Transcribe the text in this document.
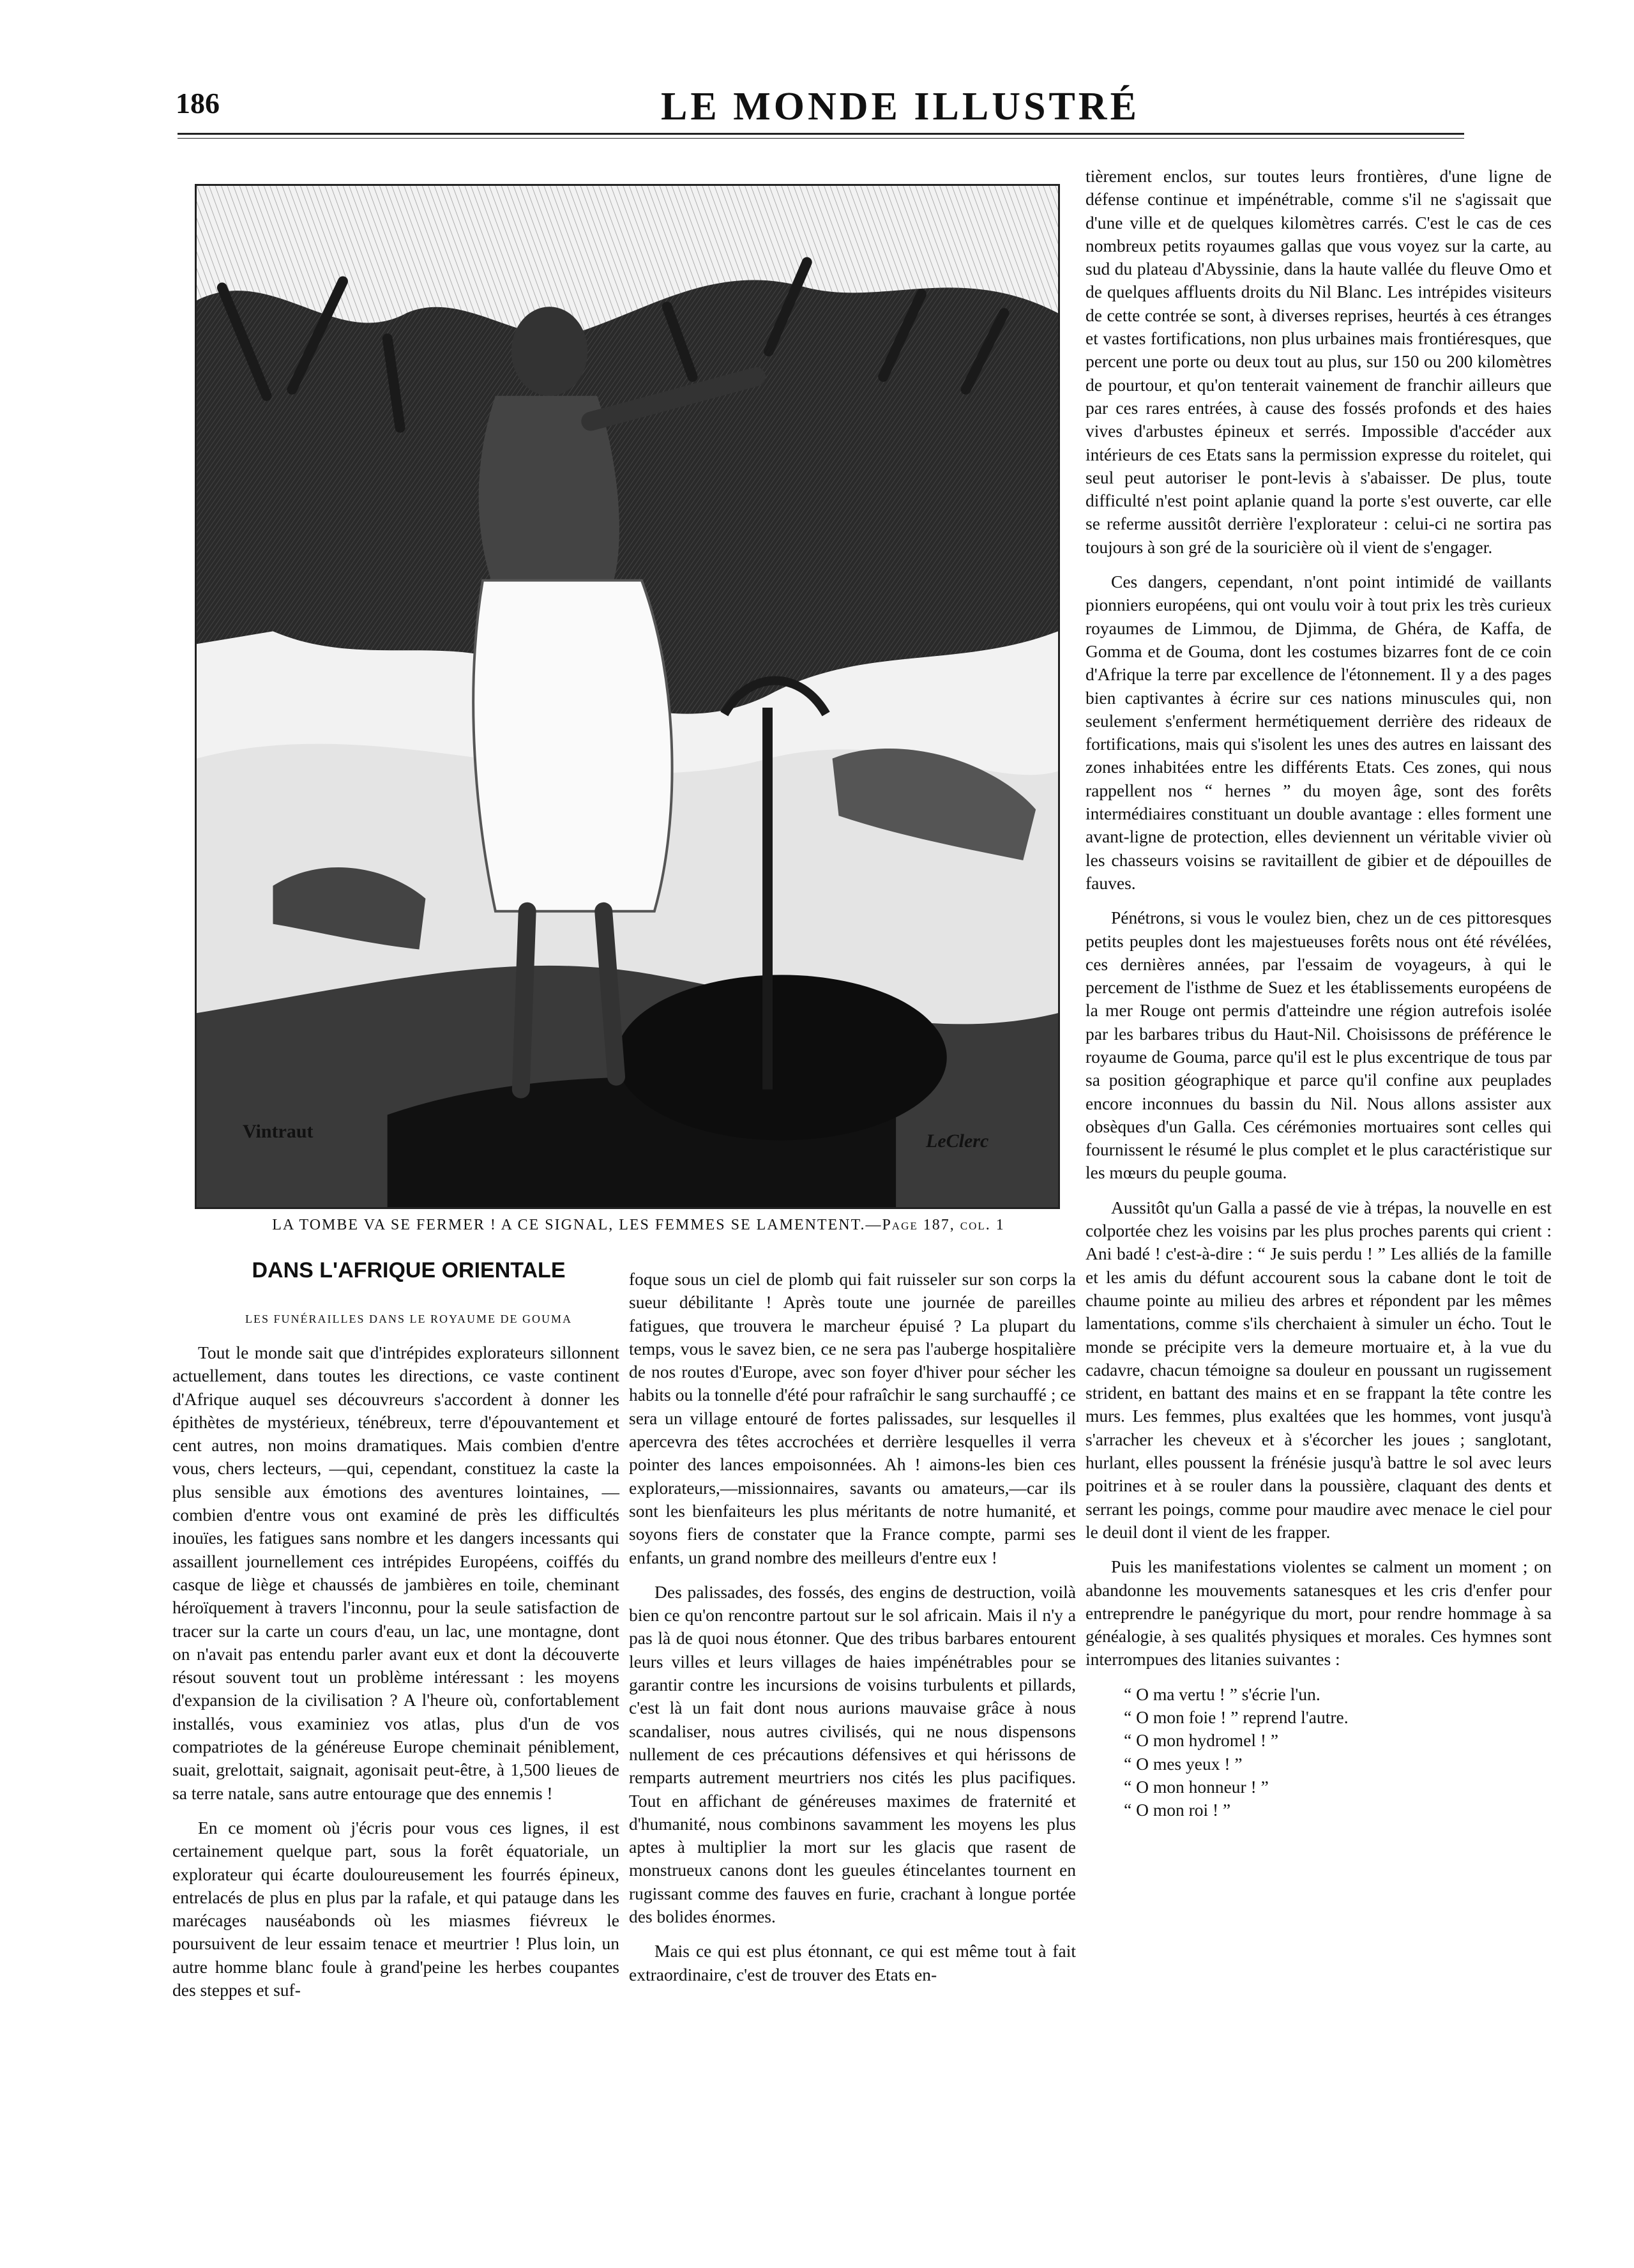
186	LE MONDE ILLUSTRÉ
Vintraut	LeClerc
LA TOMBE VA SE FERMER ! A CE SIGNAL, LES FEMMES SE LAMENTENT.—Page 187, col. 1
DANS L'AFRIQUE ORIENTALE
LES FUNÉRAILLES DANS LE ROYAUME DE GOUMA

Tout le monde sait que d'intrépides explorateurs sillonnent actuellement, dans toutes les directions, ce vaste continent d'Afrique auquel ses découvreurs s'accordent à donner les épithètes de mystérieux, ténébreux, terre d'épouvantement et cent autres, non moins dramatiques. Mais combien d'entre vous, chers lecteurs, —qui, cependant, constituez la caste la plus sensible aux émotions des aventures lointaines, — combien d'entre vous ont examiné de près les difficultés inouïes, les fatigues sans nombre et les dangers incessants qui assaillent journellement ces intrépides Européens, coiffés du casque de liège et chaussés de jambières en toile, cheminant héroïquement à travers l'inconnu, pour la seule satisfaction de tracer sur la carte un cours d'eau, un lac, une montagne, dont on n'avait pas entendu parler avant eux et dont la découverte résout souvent tout un problème intéressant : les moyens d'expansion de la civilisation ? A l'heure où, confortablement installés, vous examiniez vos atlas, plus d'un de vos compatriotes de la généreuse Europe cheminait péniblement, suait, grelottait, saignait, agonisait peut-être, à 1,500 lieues de sa terre natale, sans autre entourage que des ennemis !

En ce moment où j'écris pour vous ces lignes, il est certainement quelque part, sous la forêt équatoriale, un explorateur qui écarte douloureusement les fourrés épineux, entrelacés de plus en plus par la rafale, et qui patauge dans les marécages nauséabonds où les miasmes fiévreux le poursuivent de leur essaim tenace et meurtrier ! Plus loin, un autre homme blanc foule à grand'peine les herbes coupantes des steppes et suf-

foque sous un ciel de plomb qui fait ruisseler sur son corps la sueur débilitante ! Après toute une journée de pareilles fatigues, que trouvera le marcheur épuisé ? La plupart du temps, vous le savez bien, ce ne sera pas l'auberge hospitalière de nos routes d'Europe, avec son foyer d'hiver pour sécher les habits ou la tonnelle d'été pour rafraîchir le sang surchauffé ; ce sera un village entouré de fortes palissades, sur lesquelles il apercevra des têtes accrochées et derrière lesquelles il verra pointer des lances empoisonnées. Ah ! aimons-les bien ces explorateurs,—missionnaires, savants ou amateurs,—car ils sont les bienfaiteurs les plus méritants de notre humanité, et soyons fiers de constater que la France compte, parmi ses enfants, un grand nombre des meilleurs d'entre eux !

Des palissades, des fossés, des engins de destruction, voilà bien ce qu'on rencontre partout sur le sol africain. Mais il n'y a pas là de quoi nous étonner. Que des tribus barbares entourent leurs villes et leurs villages de haies impénétrables pour se garantir contre les incursions de voisins turbulents et pillards, c'est là un fait dont nous aurions mauvaise grâce à nous scandaliser, nous autres civilisés, qui ne nous dispensons nullement de ces précautions défensives et qui hérissons de remparts autrement meurtriers nos cités les plus pacifiques. Tout en affichant de généreuses maximes de fraternité et d'humanité, nous combinons savamment les moyens les plus aptes à multiplier la mort sur les glacis que rasent de monstrueux canons dont les gueules étincelantes tournent en rugissant comme des fauves en furie, crachant à longue portée des bolides énormes.

Mais ce qui est plus étonnant, ce qui est même tout à fait extraordinaire, c'est de trouver des Etats en-

tièrement enclos, sur toutes leurs frontières, d'une ligne de défense continue et impénétrable, comme s'il ne s'agissait que d'une ville et de quelques kilomètres carrés. C'est le cas de ces nombreux petits royaumes gallas que vous voyez sur la carte, au sud du plateau d'Abyssinie, dans la haute vallée du fleuve Omo et de quelques affluents droits du Nil Blanc. Les intrépides visiteurs de cette contrée se sont, à diverses reprises, heurtés à ces étranges et vastes fortifications, non plus urbaines mais frontiéresques, que percent une porte ou deux tout au plus, sur 150 ou 200 kilomètres de pourtour, et qu'on tenterait vainement de franchir ailleurs que par ces rares entrées, à cause des fossés profonds et des haies vives d'arbustes épineux et serrés. Impossible d'accéder aux intérieurs de ces Etats sans la permission expresse du roitelet, qui seul peut autoriser le pont-levis à s'abaisser. De plus, toute difficulté n'est point aplanie quand la porte s'est ouverte, car elle se referme aussitôt derrière l'explorateur : celui-ci ne sortira pas toujours à son gré de la souricière où il vient de s'engager.

Ces dangers, cependant, n'ont point intimidé de vaillants pionniers européens, qui ont voulu voir à tout prix les très curieux royaumes de Limmou, de Djimma, de Ghéra, de Kaffa, de Gomma et de Gouma, dont les costumes bizarres font de ce coin d'Afrique la terre par excellence de l'étonnement. Il y a des pages bien captivantes à écrire sur ces nations minuscules qui, non seulement s'enferment hermétiquement derrière des rideaux de fortifications, mais qui s'isolent les unes des autres en laissant des zones inhabitées entre les différents Etats. Ces zones, qui nous rappellent nos “ hernes ” du moyen âge, sont des forêts intermédiaires constituant un double avantage : elles forment une avant-ligne de protection, elles deviennent un véritable vivier où les chasseurs voisins se ravitaillent de gibier et de dépouilles de fauves.

Pénétrons, si vous le voulez bien, chez un de ces pittoresques petits peuples dont les majestueuses forêts nous ont été révélées, ces dernières années, par l'essaim de voyageurs, à qui le percement de l'isthme de Suez et les établissements européens de la mer Rouge ont permis d'atteindre une région autrefois isolée par les barbares tribus du Haut-Nil. Choisissons de préférence le royaume de Gouma, parce qu'il est le plus excentrique de tous par sa position géographique et parce qu'il confine aux peuplades encore inconnues du bassin du Nil. Nous allons assister aux obsèques d'un Galla. Ces cérémonies mortuaires sont celles qui fournissent le résumé le plus complet et le plus caractéristique sur les mœurs du peuple gouma.

Aussitôt qu'un Galla a passé de vie à trépas, la nouvelle en est colportée chez les voisins par les plus proches parents qui crient : Ani badé ! c'est-à-dire : “ Je suis perdu ! ” Les alliés de la famille et les amis du défunt accourent sous la cabane dont le toit de chaume pointe au milieu des arbres et répondent par les mêmes lamentations, comme s'ils cherchaient à simuler un écho. Tout le monde se précipite vers la demeure mortuaire et, à la vue du cadavre, chacun témoigne sa douleur en poussant un rugissement strident, en battant des mains et en se frappant la tête contre les murs. Les femmes, plus exaltées que les hommes, vont jusqu'à s'arracher les cheveux et à s'écorcher les joues ; sanglotant, hurlant, elles poussent la frénésie jusqu'à battre le sol avec leurs poitrines et à se rouler dans la poussière, claquant des dents et serrant les poings, comme pour maudire avec menace le ciel pour le deuil dont il vient de les frapper.

Puis les manifestations violentes se calment un moment ; on abandonne les mouvements satanesques et les cris d'enfer pour entreprendre le panégyrique du mort, pour rendre hommage à sa généalogie, à ses qualités physiques et morales. Ces hymnes sont interrompues des litanies suivantes :

“ O ma vertu ! ” s'écrie l'un.
“ O mon foie ! ” reprend l'autre.
“ O mon hydromel ! ”
“ O mes yeux ! ”
“ O mon honneur ! ”
“ O mon roi ! ”
